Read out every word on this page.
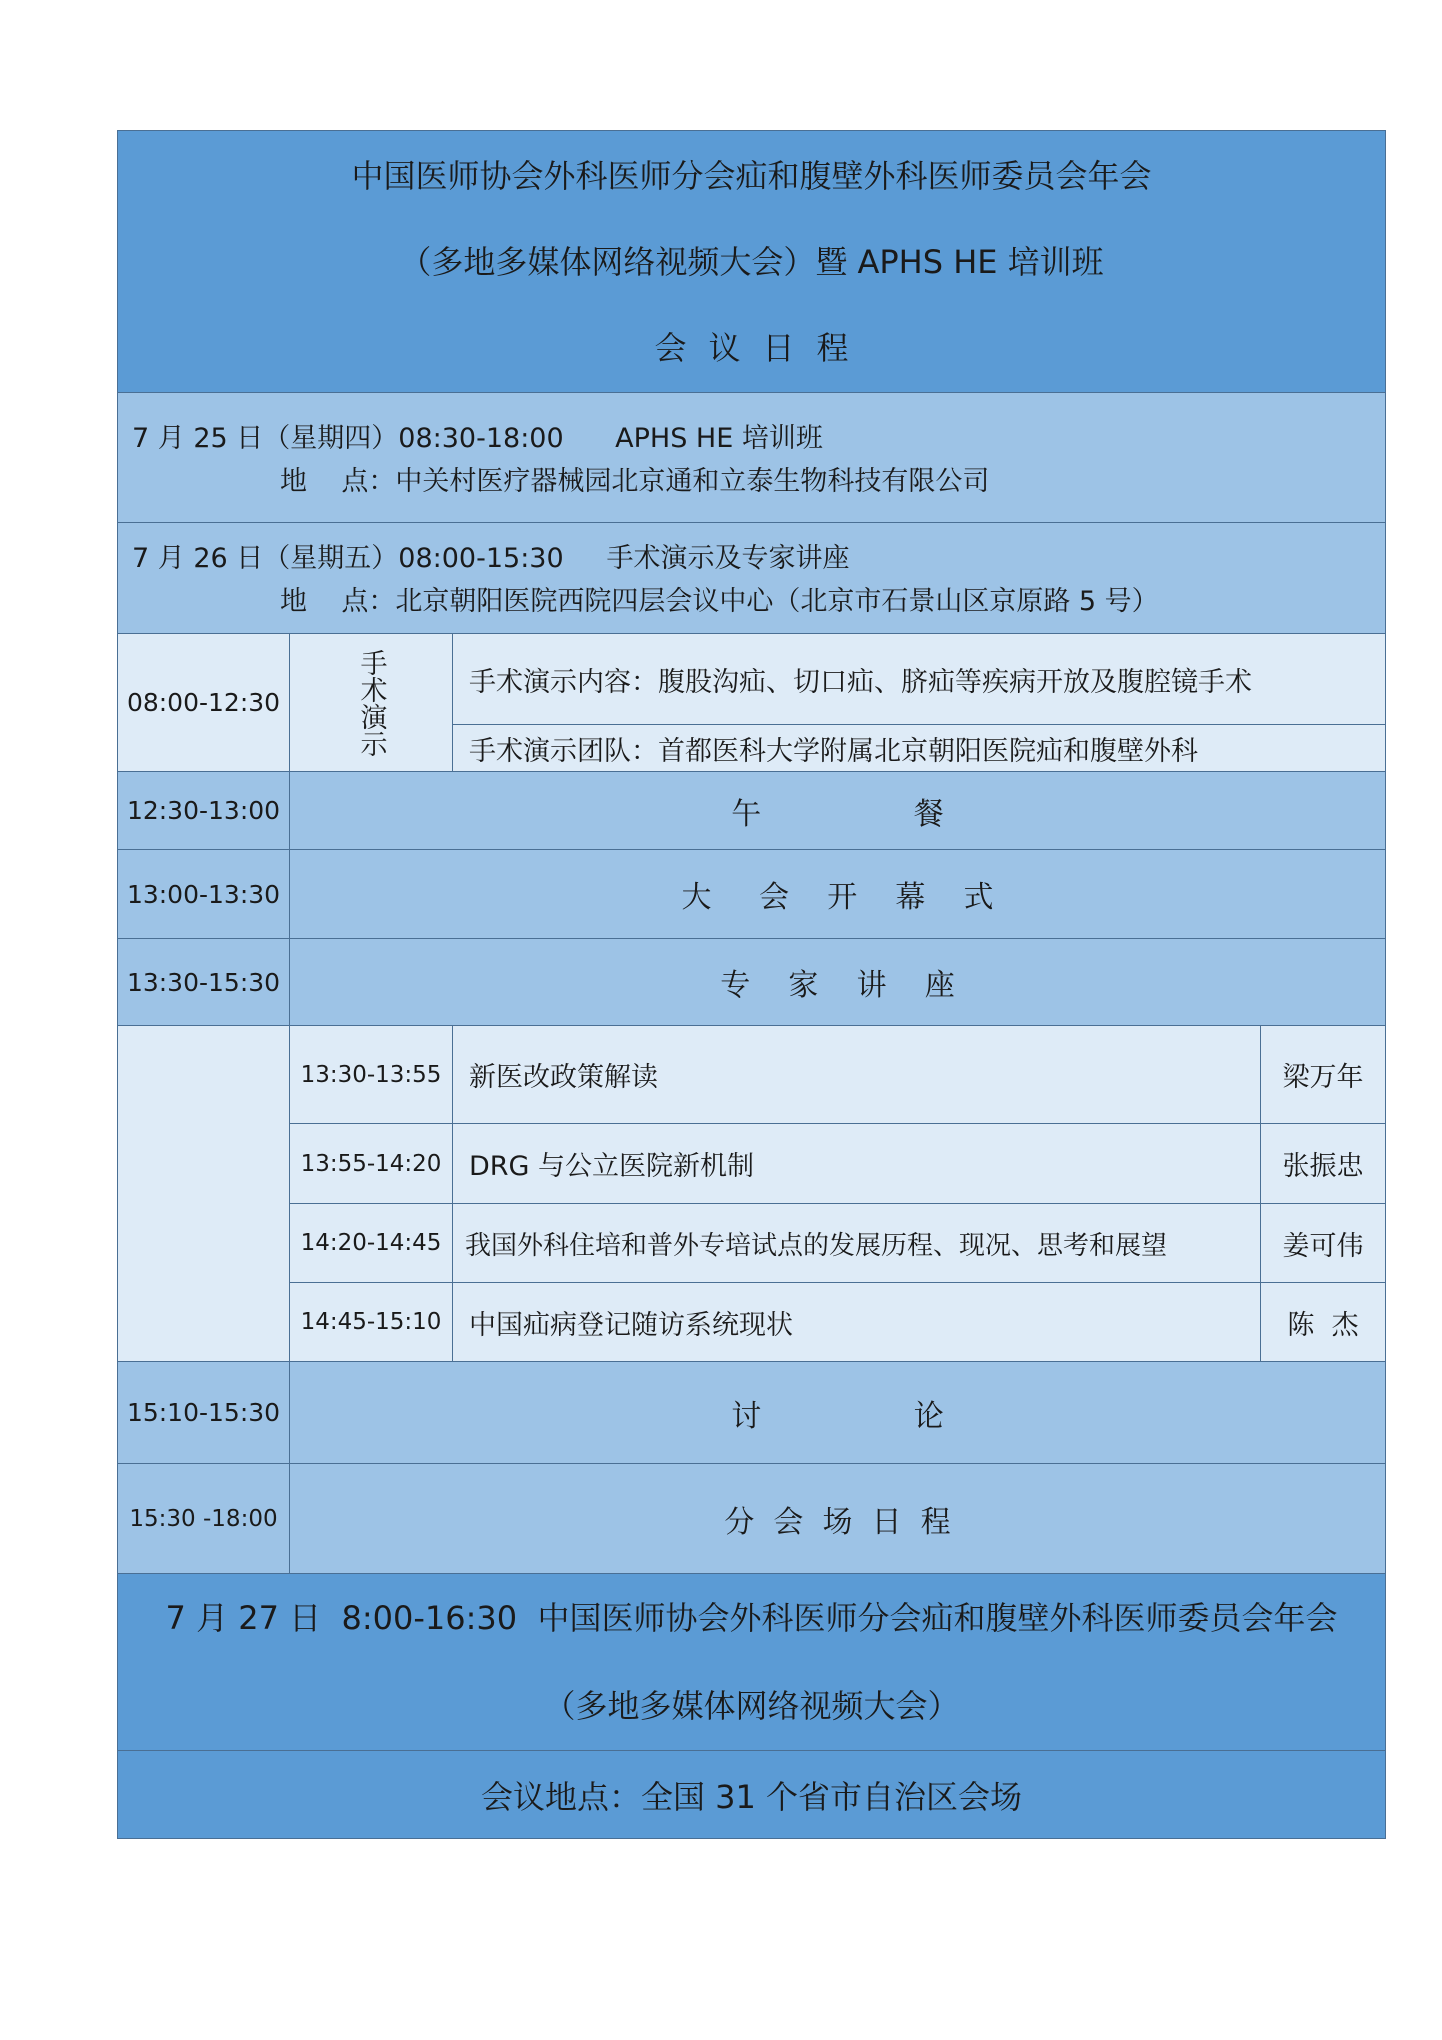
中国医师协会外科医师分会疝和腹壁外科医师委员会年会
（多地多媒体网络视频大会）暨 APHS HE 培训班
会议日程			

7 月 25 日（星期四）08:30-18:00      APHS HE 培训班
地    点：中关村医疗器械园北京通和立泰生物科技有限公司			

7 月 26 日（星期五）08:00-15:30     手术演示及专家讲座
地    点：北京朝阳医院西院四层会议中心（北京市石景山区京原路 5 号）			

08:00-12:30	手术演示	手术演示内容：腹股沟疝、切口疝、脐疝等疾病开放及腹腔镜手术	
		手术演示团队：首都医科大学附属北京朝阳医院疝和腹壁外科	
12:30-13:00	午                餐		
13:00-13:30	大     会    开    幕    式		
13:30-15:30	专    家    讲    座		
	13:30-13:55	新医改政策解读	梁万年
	13:55-14:20	DRG 与公立医院新机制	张振忠
	14:20-14:45	我国外科住培和普外专培试点的发展历程、现况、思考和展望	姜可伟
	14:45-15:10	中国疝病登记随访系统现状	陈  杰
15:10-15:30	讨                论		
15:30 -18:00	分  会  场  日  程		

7 月 27 日  8:00-16:30  中国医师协会外科医师分会疝和腹壁外科医师委员会年会
（多地多媒体网络视频大会）			

会议地点：全国 31 个省市自治区会场			
